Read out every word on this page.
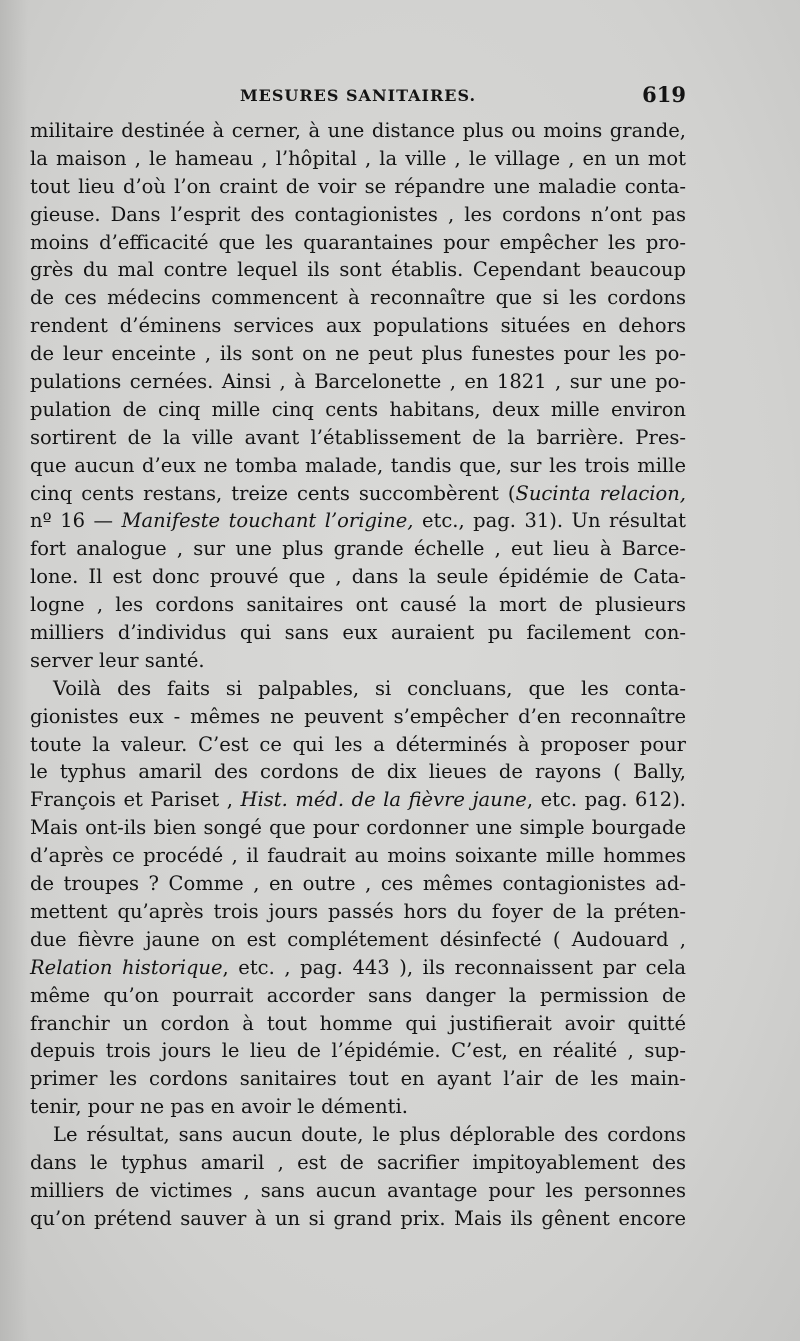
MESURES SANITAIRES.	619
militaire destinée à cerner, à une distance plus ou moins grande,
la maison , le hameau , l’hôpital , la ville , le village , en un mot
tout lieu d’où l’on craint de voir se répandre une maladie conta-
gieuse. Dans l’esprit des contagionistes , les cordons n’ont pas
moins d’efficacité que les quarantaines pour empêcher les pro-
grès du mal contre lequel ils sont établis. Cependant beaucoup
de ces médecins commencent à reconnaître que si les cordons
rendent d’éminens services aux populations situées en dehors
de leur enceinte , ils sont on ne peut plus funestes pour les po-
pulations cernées. Ainsi , à Barcelonette , en 1821 , sur une po-
pulation de cinq mille cinq cents habitans, deux mille environ
sortirent de la ville avant l’établissement de la barrière. Pres-
que aucun d’eux ne tomba malade, tandis que, sur les trois mille
cinq cents restans, treize cents succombèrent (Sucinta relacion,
nº 16 — Manifeste touchant l’origine, etc., pag. 31). Un résultat
fort analogue , sur une plus grande échelle , eut lieu à Barce-
lone. Il est donc prouvé que , dans la seule épidémie de Cata-
logne , les cordons sanitaires ont causé la mort de plusieurs
milliers d’individus qui sans eux auraient pu facilement con-
server leur santé.
Voilà des faits si palpables, si concluans, que les conta-
gionistes eux - mêmes ne peuvent s’empêcher d’en reconnaître
toute la valeur. C’est ce qui les a déterminés à proposer pour
le typhus amaril des cordons de dix lieues de rayons ( Bally,
François et Pariset , Hist. méd. de la fièvre jaune, etc. pag. 612).
Mais ont-ils bien songé que pour cordonner une simple bourgade
d’après ce procédé , il faudrait au moins soixante mille hommes
de troupes ? Comme , en outre , ces mêmes contagionistes ad-
mettent qu’après trois jours passés hors du foyer de la préten-
due fièvre jaune on est complétement désinfecté ( Audouard ,
Relation historique, etc. , pag. 443 ), ils reconnaissent par cela
même qu’on pourrait accorder sans danger la permission de
franchir un cordon à tout homme qui justifierait avoir quitté
depuis trois jours le lieu de l’épidémie. C’est, en réalité , sup-
primer les cordons sanitaires tout en ayant l’air de les main-
tenir, pour ne pas en avoir le démenti.
Le résultat, sans aucun doute, le plus déplorable des cordons
dans le typhus amaril , est de sacrifier impitoyablement des
milliers de victimes , sans aucun avantage pour les personnes
qu’on prétend sauver à un si grand prix. Mais ils gênent encore
